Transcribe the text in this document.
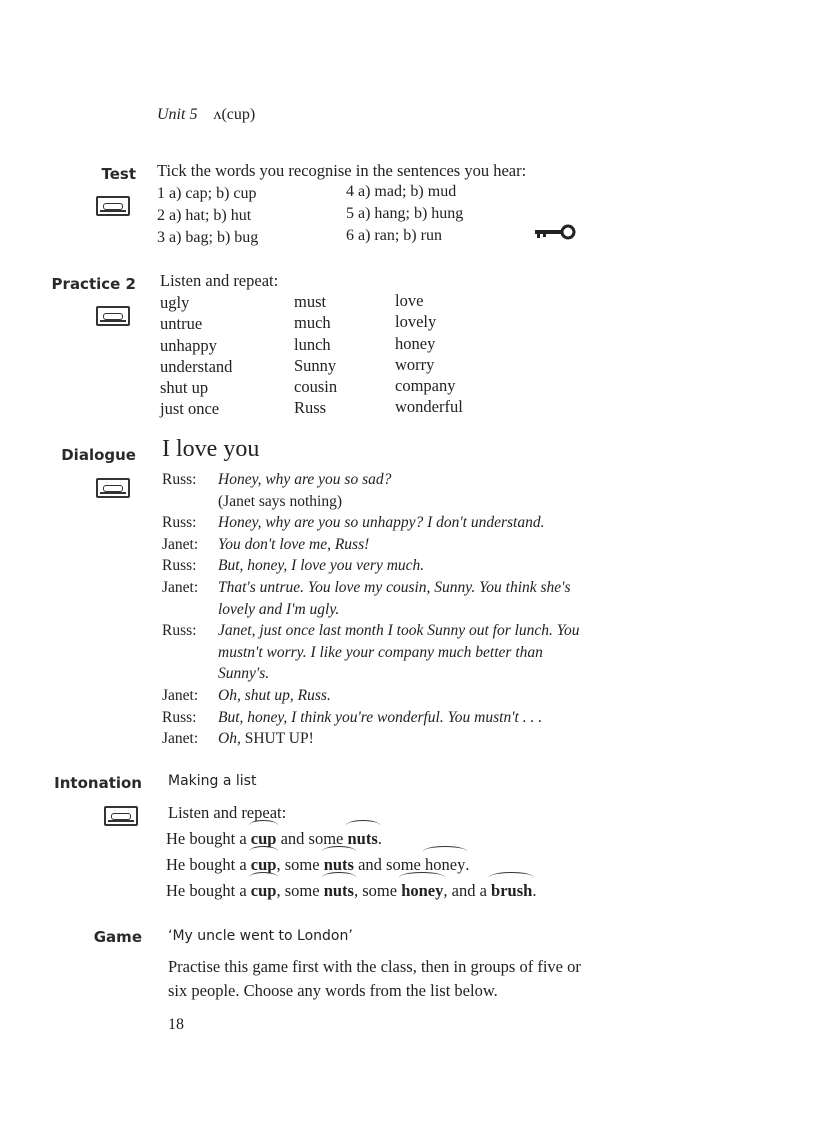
Unit 5 ʌ(cup)
Test Tick the words you recognise in the sentences you hear:
1 a) cap; b) cup
2 a) hat; b) hut
3 a) bag; b) bug
4 a) mad; b) mud
5 a) hang; b) hung
6 a) ran; b) run
Practice 2 Listen and repeat:
ugly
untrue
unhappy
understand
shut up
just once
must
much
lunch
Sunny
cousin
Russ
love
lovely
honey
worry
company
wonderful
Dialogue I love you
Russ: Honey, why are you so sad?
(Janet says nothing)
Russ: Honey, why are you so unhappy? I don't understand.
Janet: You don't love me, Russ!
Russ: But, honey, I love you very much.
Janet: That's untrue. You love my cousin, Sunny. You think she's
lovely and I'm ugly.
Russ: Janet, just once last month I took Sunny out for lunch. You
mustn't worry. I like your company much better than
Sunny's.
Janet: Oh, shut up, Russ.
Russ: But, honey, I think you're wonderful. You mustn't . . .
Janet: Oh, SHUT UP!
Intonation Making a list
Listen and repeat:
He bought a
cup and some
nuts.
He bought a
cup, some
nuts and some
honey.
He bought a
cup, some
nuts, some
honey, and a
brush.
Game ‘My uncle went to London’
Practise this game first with the class, then in groups of five or
six people. Choose any words from the list below.
18
